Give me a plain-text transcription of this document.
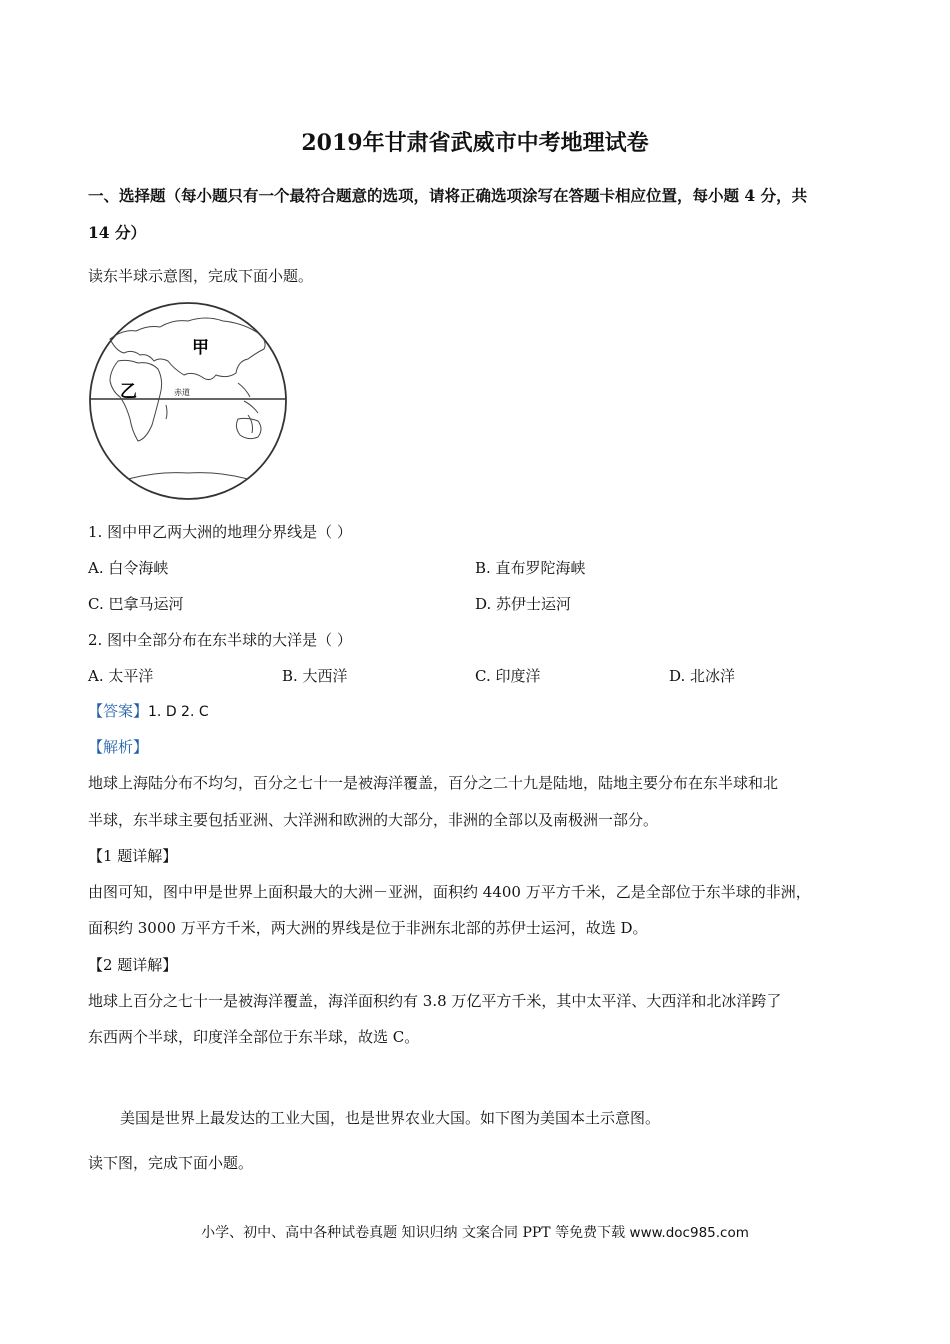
2019年甘肃省武威市中考地理试卷
一、选择题（每小题只有一个最符合题意的选项，请将正确选项涂写在答题卡相应位置，每小题 4 分，共
14 分）
读东半球示意图，完成下面小题。
甲
乙	赤道
1. 图中甲乙两大洲的地理分界线是（ ）
A. 白令海峡	B. 直布罗陀海峡
C. 巴拿马运河	D. 苏伊士运河
2. 图中全部分布在东半球的大洋是（ ）
A. 太平洋	B. 大西洋	C. 印度洋	D. 北冰洋
【答案】1. D 2. C
【解析】
地球上海陆分布不均匀，百分之七十一是被海洋覆盖，百分之二十九是陆地，陆地主要分布在东半球和北
半球，东半球主要包括亚洲、大洋洲和欧洲的大部分，非洲的全部以及南极洲一部分。
【1 题详解】
由图可知，图中甲是世界上面积最大的大洲－亚洲，面积约 4400 万平方千米，乙是全部位于东半球的非洲，
面积约 3000 万平方千米，两大洲的界线是位于非洲东北部的苏伊士运河，故选 D。
【2 题详解】
地球上百分之七十一是被海洋覆盖，海洋面积约有 3.8 万亿平方千米，其中太平洋、大西洋和北冰洋跨了
东西两个半球，印度洋全部位于东半球，故选 C。
美国是世界上最发达的工业大国，也是世界农业大国。如下图为美国本土示意图。
读下图，完成下面小题。
小学、初中、高中各种试卷真题 知识归纳 文案合同 PPT 等免费下载 www.doc985.com
